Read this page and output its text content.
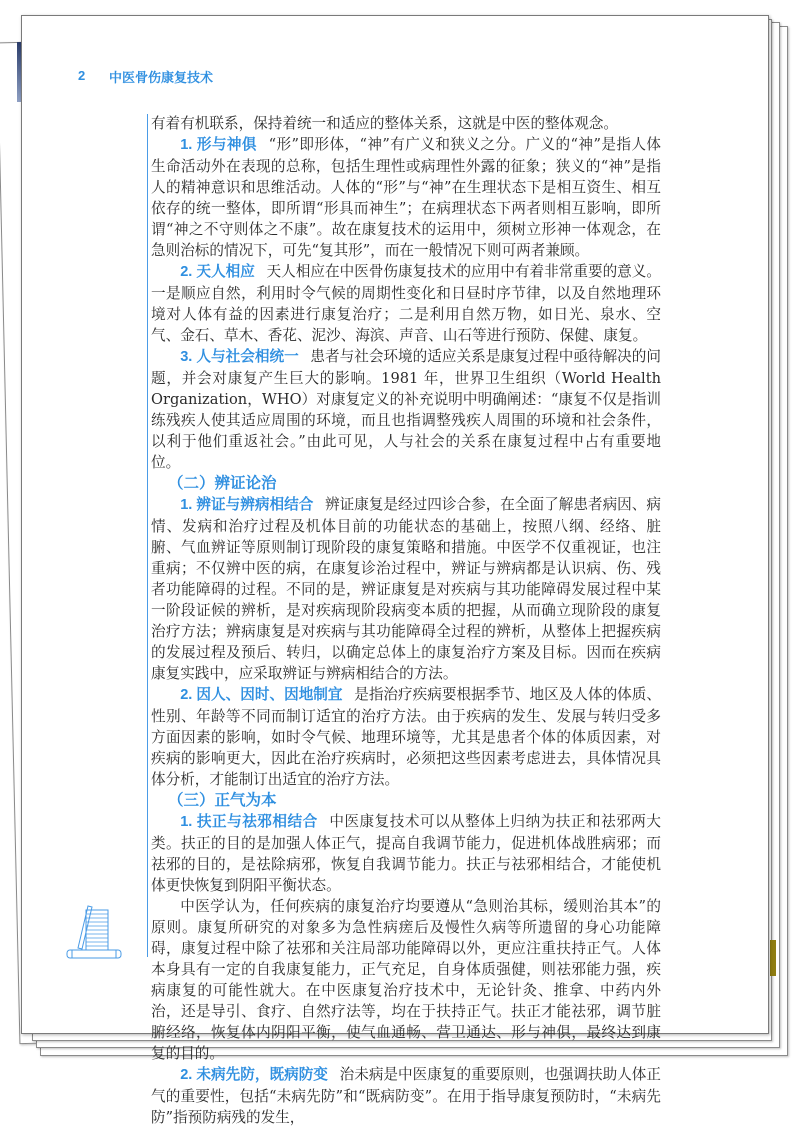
2 中医骨伤康复技术

有着有机联系，保持着统一和适应的整体关系，这就是中医的整体观念。

1. 形与神俱 “形”即形体，“神”有广义和狭义之分。广义的“神”是指人体生命活动外在表现的总称，包括生理性或病理性外露的征象；狭义的“神”是指人的精神意识和思维活动。人体的“形”与“神”在生理状态下是相互资生、相互依存的统一整体，即所谓“形具而神生”；在病理状态下两者则相互影响，即所谓“神之不守则体之不康”。故在康复技术的运用中，须树立形神一体观念，在急则治标的情况下，可先“复其形”，而在一般情况下则可两者兼顾。

2. 天人相应 天人相应在中医骨伤康复技术的应用中有着非常重要的意义。一是顺应自然，利用时令气候的周期性变化和日昼时序节律，以及自然地理环境对人体有益的因素进行康复治疗；二是利用自然万物，如日光、泉水、空气、金石、草木、香花、泥沙、海滨、声音、山石等进行预防、保健、康复。

3. 人与社会相统一 患者与社会环境的适应关系是康复过程中亟待解决的问题，并会对康复产生巨大的影响。1981 年，世界卫生组织（World Health Organization，WHO）对康复定义的补充说明中明确阐述：“康复不仅是指训练残疾人使其适应周围的环境，而且也指调整残疾人周围的环境和社会条件，以利于他们重返社会。”由此可见，人与社会的关系在康复过程中占有重要地位。

（二）辨证论治

1. 辨证与辨病相结合 辨证康复是经过四诊合参，在全面了解患者病因、病情、发病和治疗过程及机体目前的功能状态的基础上，按照八纲、经络、脏腑、气血辨证等原则制订现阶段的康复策略和措施。中医学不仅重视证，也注重病；不仅辨中医的病，在康复诊治过程中，辨证与辨病都是认识病、伤、残者功能障碍的过程。不同的是，辨证康复是对疾病与其功能障碍发展过程中某一阶段证候的辨析，是对疾病现阶段病变本质的把握，从而确立现阶段的康复治疗方法；辨病康复是对疾病与其功能障碍全过程的辨析，从整体上把握疾病的发展过程及预后、转归，以确定总体上的康复治疗方案及目标。因而在疾病康复实践中，应采取辨证与辨病相结合的方法。

2. 因人、因时、因地制宜 是指治疗疾病要根据季节、地区及人体的体质、性别、年龄等不同而制订适宜的治疗方法。由于疾病的发生、发展与转归受多方面因素的影响，如时令气候、地理环境等，尤其是患者个体的体质因素，对疾病的影响更大，因此在治疗疾病时，必须把这些因素考虑进去，具体情况具体分析，才能制订出适宜的治疗方法。

（三）正气为本

1. 扶正与祛邪相结合 中医康复技术可以从整体上归纳为扶正和祛邪两大类。扶正的目的是加强人体正气，提高自我调节能力，促进机体战胜病邪；而祛邪的目的，是祛除病邪，恢复自我调节能力。扶正与祛邪相结合，才能使机体更快恢复到阴阳平衡状态。

中医学认为，任何疾病的康复治疗均要遵从“急则治其标，缓则治其本”的原则。康复所研究的对象多为急性病瘥后及慢性久病等所遗留的身心功能障碍，康复过程中除了祛邪和关注局部功能障碍以外，更应注重扶持正气。人体本身具有一定的自我康复能力，正气充足，自身体质强健，则祛邪能力强，疾病康复的可能性就大。在中医康复治疗技术中，无论针灸、推拿、中药内外治，还是导引、食疗、自然疗法等，均在于扶持正气。扶正才能祛邪，调节脏腑经络，恢复体内阴阳平衡，使气血通畅、营卫通达、形与神俱，最终达到康复的目的。

2. 未病先防，既病防变 治未病是中医康复的重要原则，也强调扶助人体正气的重要性，包括“未病先防”和“既病防变”。在用于指导康复预防时，“未病先防”指预防病残的发生，
